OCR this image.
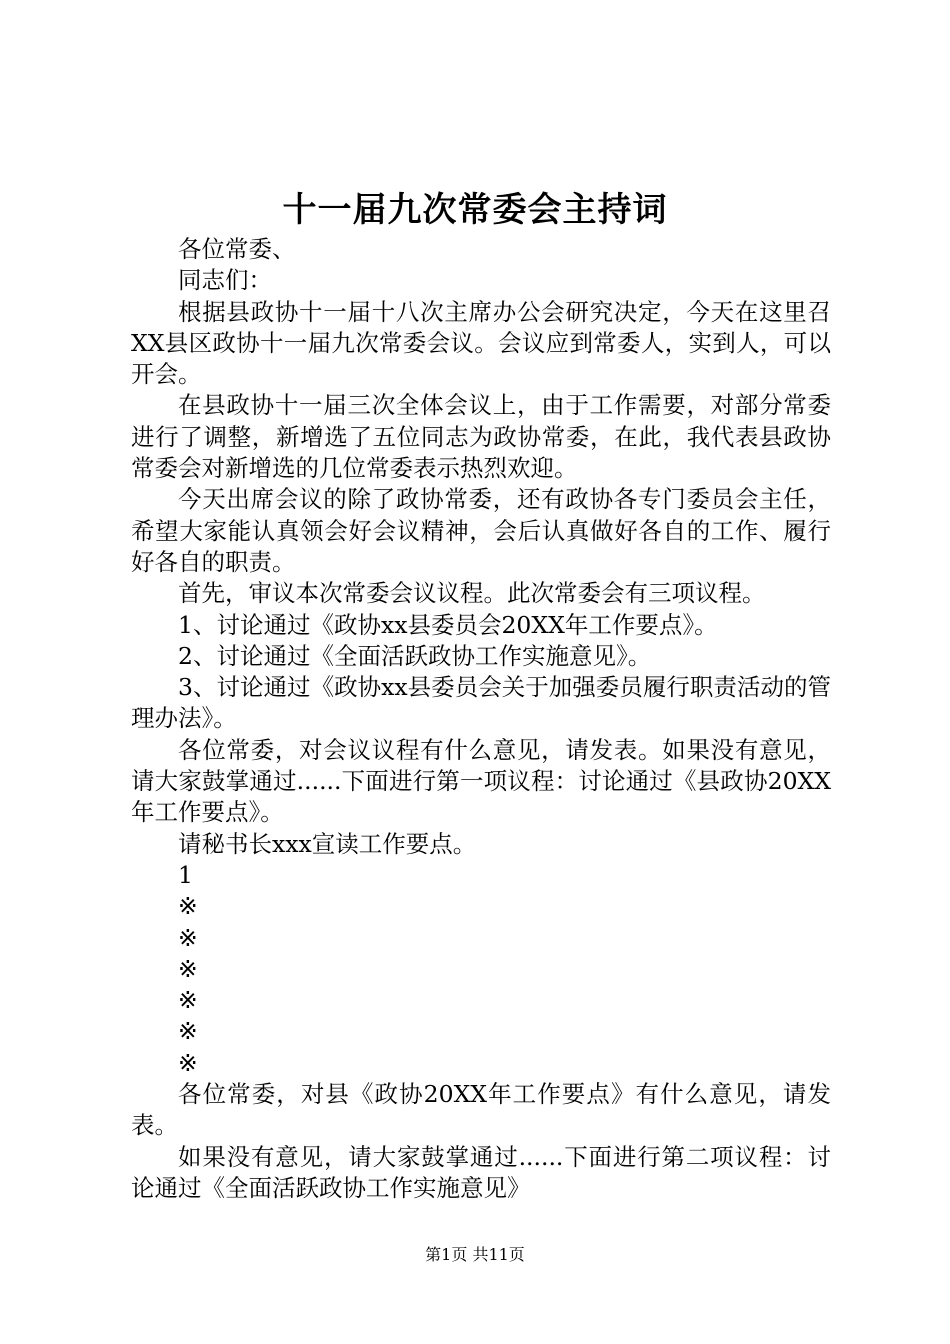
十一届九次常委会主持词

各位常委、

同志们：

根据县政协十一届十八次主席办公会研究决定，今天在这里召XX县区政协十一届九次常委会议。会议应到常委人，实到人，可以开会。

在县政协十一届三次全体会议上，由于工作需要，对部分常委进行了调整，新增选了五位同志为政协常委，在此，我代表县政协常委会对新增选的几位常委表示热烈欢迎。

今天出席会议的除了政协常委，还有政协各专门委员会主任，希望大家能认真领会好会议精神，会后认真做好各自的工作、履行好各自的职责。

首先，审议本次常委会议议程。此次常委会有三项议程。

1、讨论通过《政协xx县委员会20XX年工作要点》。

2、讨论通过《全面活跃政协工作实施意见》。

3、讨论通过《政协xx县委员会关于加强委员履行职责活动的管理办法》。

各位常委，对会议议程有什么意见，请发表。如果没有意见，请大家鼓掌通过......下面进行第一项议程：讨论通过《县政协20XX年工作要点》。

请秘书长xxx宣读工作要点。

1

※

※

※

※

※

※

各位常委，对县《政协20XX年工作要点》有什么意见，请发表。

如果没有意见，请大家鼓掌通过......下面进行第二项议程：讨论通过《全面活跃政协工作实施意见》

第1页 共11页
